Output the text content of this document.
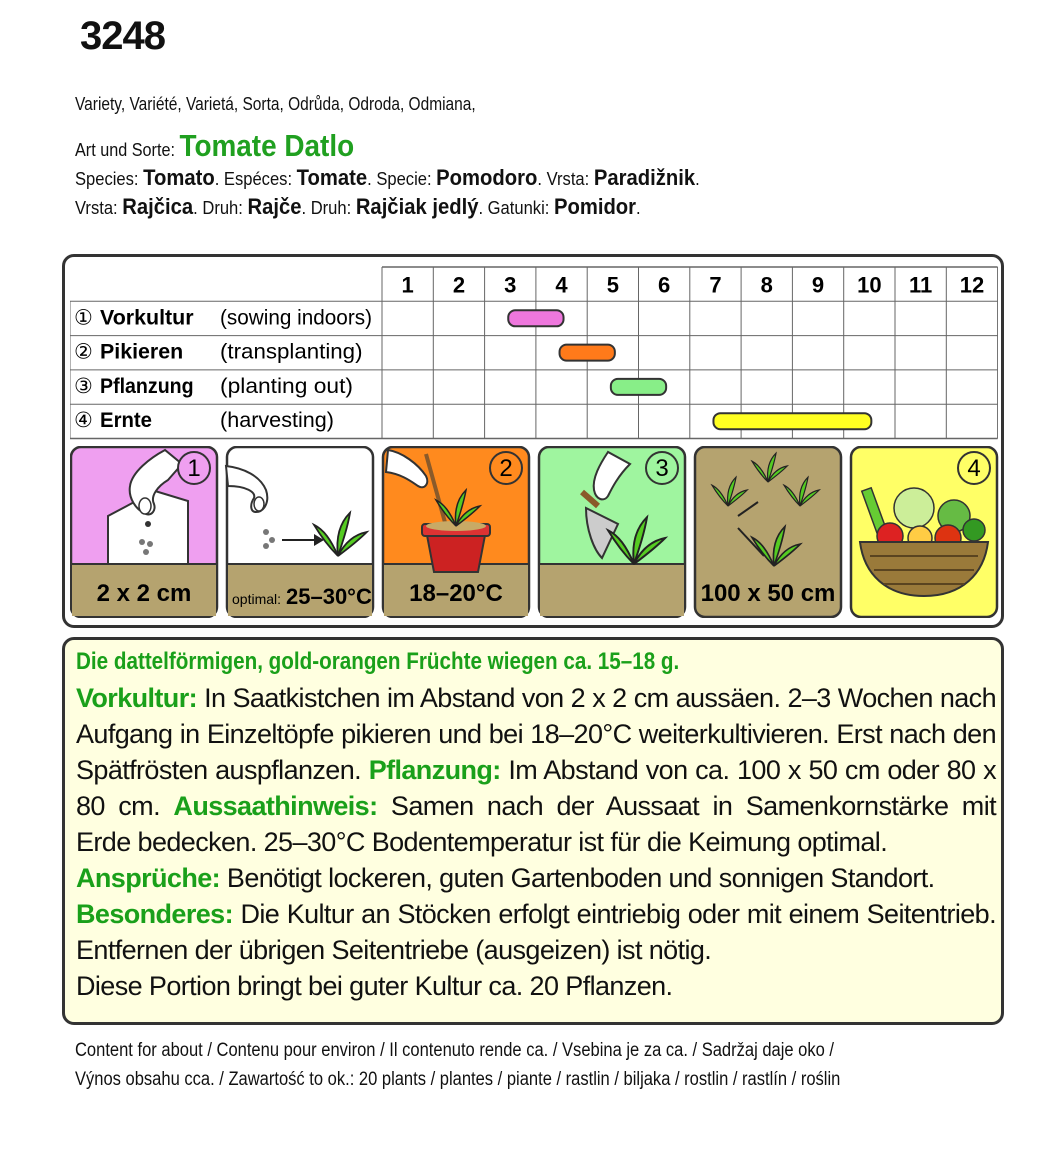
3248
Variety, Variété, Varietá, Sorta, Odrůda, Odroda, Odmiana,
Art und Sorte: Tomate Datlo
Species: Tomato. Espéces: Tomate. Specie: Pomodoro. Vrsta: Paradižnik.
Vrsta: Rajčica. Druh: Rajče. Druh: Rajčiak jedlý. Gatunki: Pomidor.
1 2 3 4 5 6 7 8 9 10 11 12
① Vorkultur (sowing indoors)
② Pikieren (transplanting)
③ Pflanzung (planting out)
④ Ernte	(harvesting)
1
2 x 2 cm	optimal: 25–30°C
2
18–20°C
3
100 x 50 cm
4
Die dattelförmigen, gold-orangen Früchte wiegen ca. 15–18 g.
Vorkultur: In Saatkistchen im Abstand von 2 x 2 cm aussäen. 2–3 Wochen nach Aufgang in Einzeltöpfe pikieren und bei 18–20°C weiterkultivieren. Erst nach den Spätfrösten auspflanzen. Pflanzung: Im Abstand von ca. 100 x 50 cm oder 80 x 80 cm. Aussaathinweis: Samen nach der Aussaat in Samenkornstärke mit Erde bedecken. 25–30°C Bodentemperatur ist für die Keimung optimal.
Ansprüche: Benötigt lockeren, guten Gartenboden und sonnigen Standort.
Besonderes: Die Kultur an Stöcken erfolgt eintriebig oder mit einem Seitentrieb. Entfernen der übrigen Seitentriebe (ausgeizen) ist nötig.
Diese Portion bringt bei guter Kultur ca. 20 Pflanzen.
Content for about / Contenu pour environ / Il contenuto rende ca. / Vsebina je za ca. / Sadržaj daje oko /
Výnos obsahu cca. / Zawartość to ok.: 20 plants / plantes / piante / rastlin / biljaka / rostlin / rastlín / roślin
